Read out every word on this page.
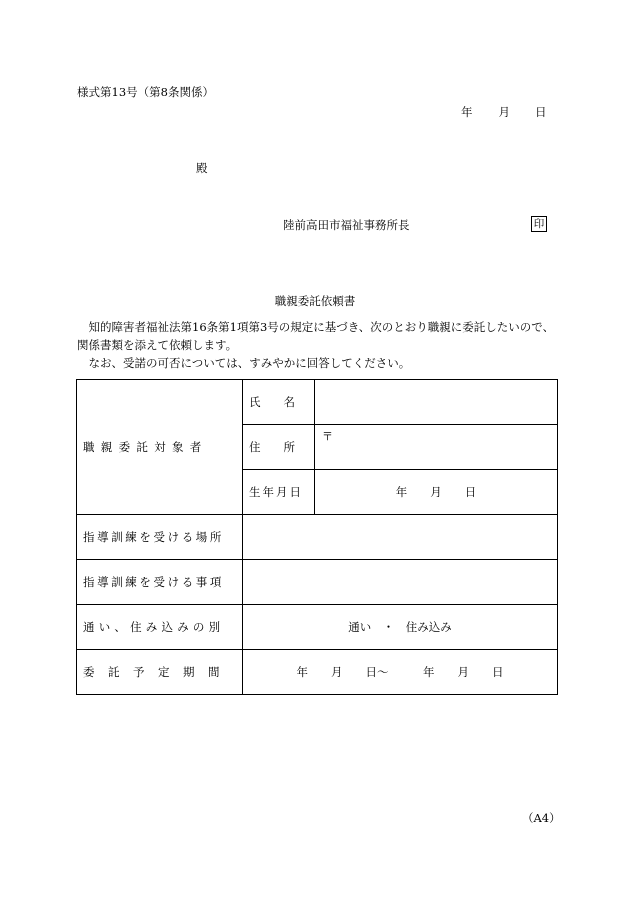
様式第13号（第8条関係）
年 月 日
殿
陸前高田市福祉事務所長	印
職親委託依頼書

　知的障害者福祉法第16条第1項第3号の規定に基づき、次のとおり職親に委託したいので、

関係書類を添えて依頼します。

　なお、受諾の可否については、すみやかに回答してください。

職親委託対象者	氏　　名	
	住　　所	〒
	生年月日	年　　月　　日
指導訓練を受ける場所		
指導訓練を受ける事項		
通い、住み込みの別	通い　・　住み込み	
委託予定期間	年　　月　　日〜　　　年　　月　　日	
（A4）
